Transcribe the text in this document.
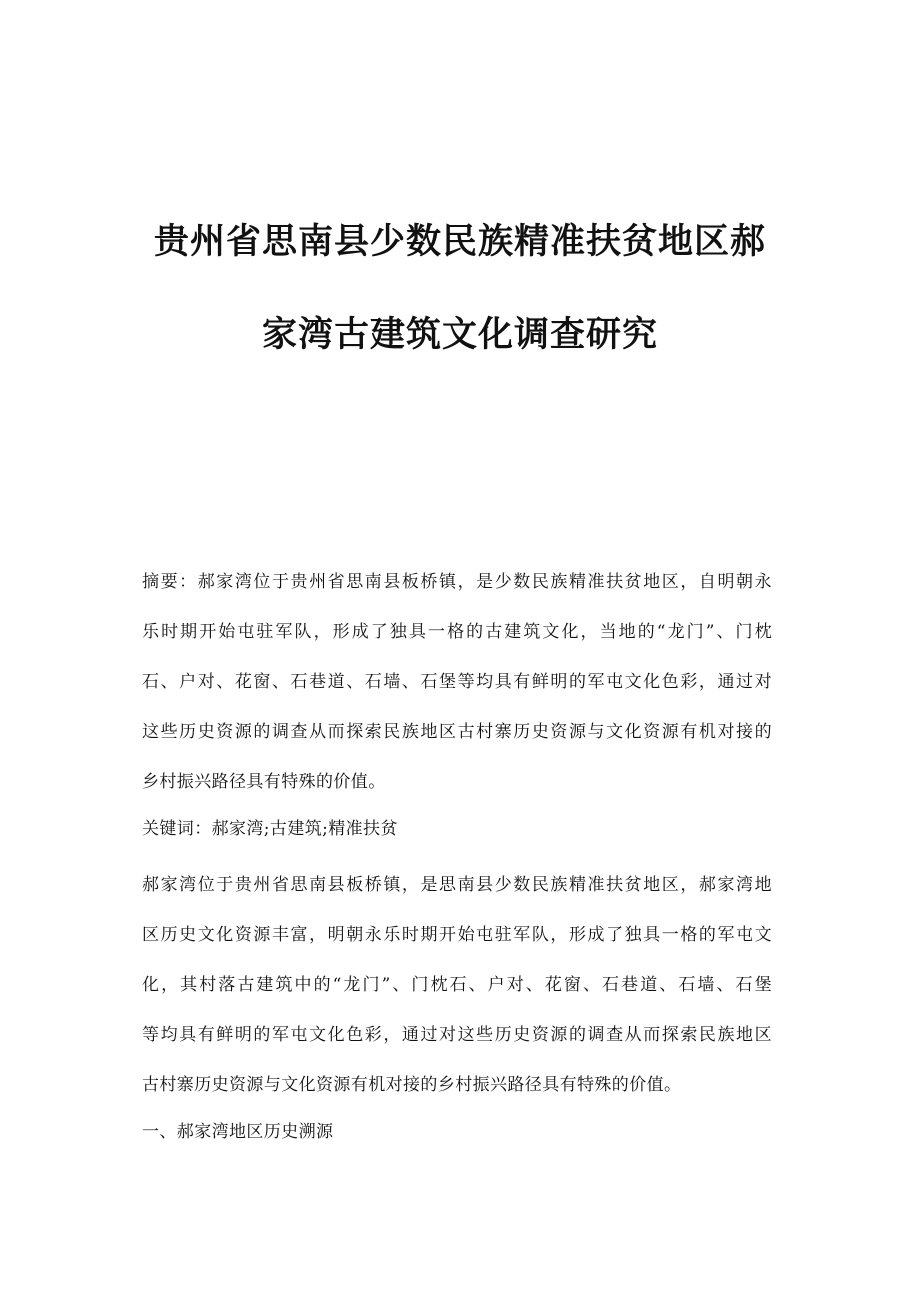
贵州省思南县少数民族精准扶贫地区郝
家湾古建筑文化调查研究
摘要：郝家湾位于贵州省思南县板桥镇，是少数民族精准扶贫地区，自明朝永
乐时期开始屯驻军队，形成了独具一格的古建筑文化，当地的“龙门”、门枕
石、户对、花窗、石巷道、石墙、石堡等均具有鲜明的军屯文化色彩，通过对
这些历史资源的调查从而探索民族地区古村寨历史资源与文化资源有机对接的
乡村振兴路径具有特殊的价值。
关键词：郝家湾;古建筑;精准扶贫
郝家湾位于贵州省思南县板桥镇，是思南县少数民族精准扶贫地区，郝家湾地
区历史文化资源丰富，明朝永乐时期开始屯驻军队，形成了独具一格的军屯文
化，其村落古建筑中的“龙门”、门枕石、户对、花窗、石巷道、石墙、石堡
等均具有鲜明的军屯文化色彩，通过对这些历史资源的调查从而探索民族地区
古村寨历史资源与文化资源有机对接的乡村振兴路径具有特殊的价值。
一、郝家湾地区历史溯源
